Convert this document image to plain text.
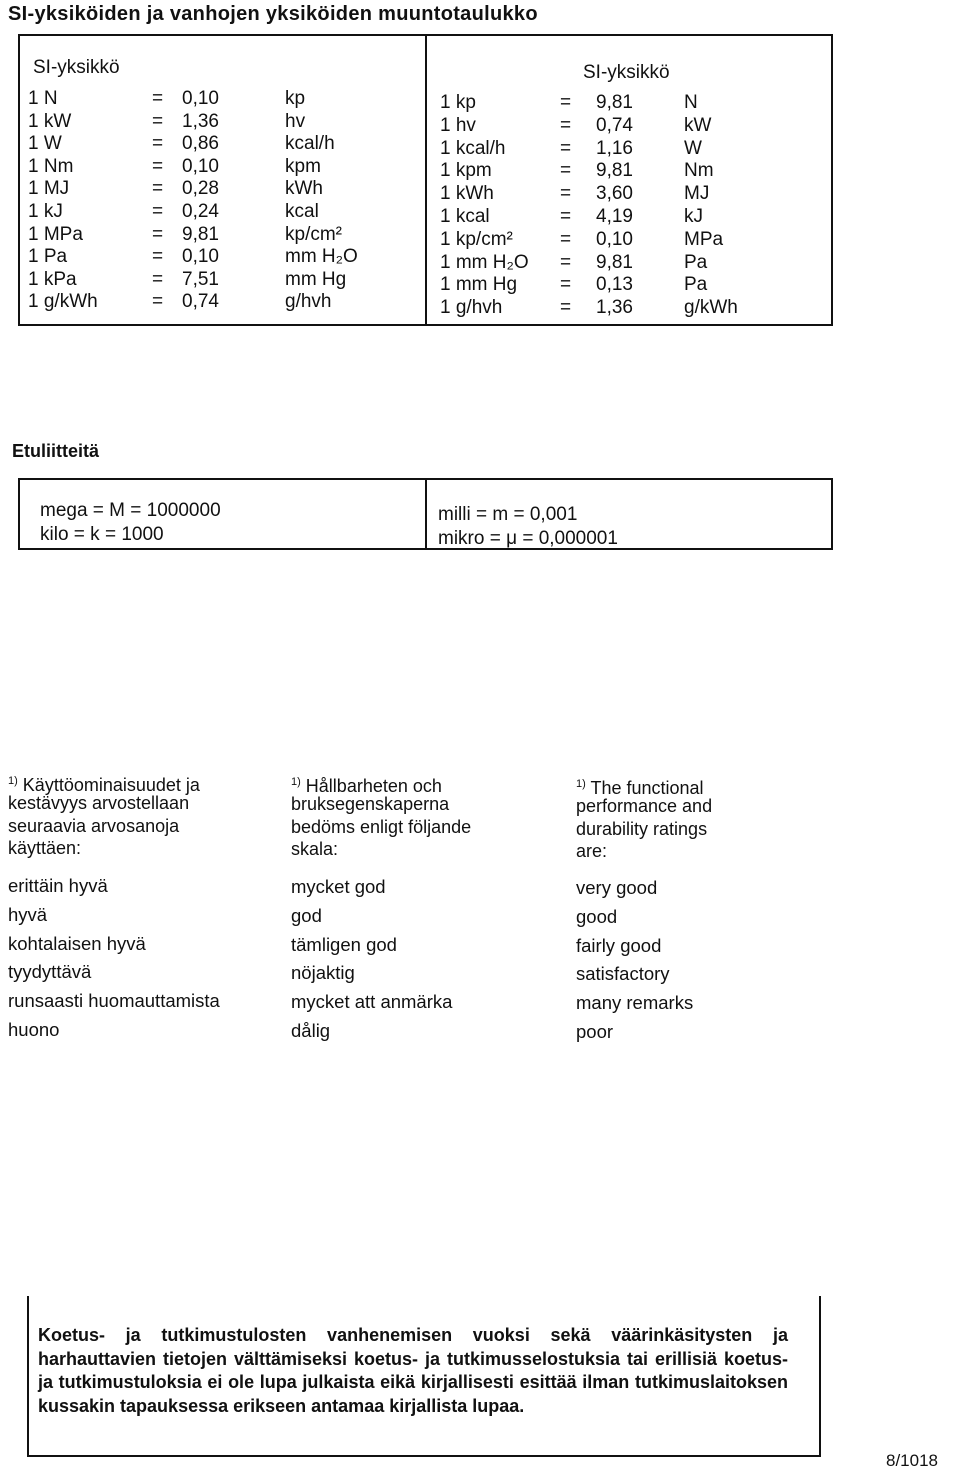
SI-yksiköiden ja vanhojen yksiköiden muuntotaulukko
SI-yksikkö	SI-yksikkö
1 N	= 0,10	kp
1 kW	= 1,36	hv
1 W	= 0,86	kcal/h
1 Nm	= 0,10	kpm
1 MJ	= 0,28	kWh
1 kJ	= 0,24	kcal
1 MPa	= 9,81	kp/cm²
1 Pa	= 0,10	mm H₂O
1 kPa	= 7,51	mm Hg
1 g/kWh	= 0,74	g/hvh
1 kp	= 9,81	N
1 hv	= 0,74	kW
1 kcal/h	= 1,16	W
1 kpm	= 9,81	Nm
1 kWh	= 3,60	MJ
1 kcal	= 4,19	kJ
1 kp/cm² = 0,10	MPa
1 mm H₂O = 9,81	Pa
1 mm Hg = 0,13	Pa
1 g/hvh	= 1,36	g/kWh
Etuliitteitä
mega = M = 1000000
kilo = k = 1000
milli = m = 0,001
mikro = μ = 0,000001
$^{1)}$ Käyttöominaisuudet ja
kestävyys arvostellaan
seuraavia arvosanoja
käyttäen:
erittäin hyvä
hyvä
kohtalaisen hyvä
tyydyttävä
runsaasti huomauttamista
huono
$^{1)}$ Hållbarheten och
bruksegenskaperna
bedöms enligt följande
skala:
mycket god
god
tämligen god
nöjaktig
mycket att anmärka
dålig
$^{1)}$ The functional
performance and
durability ratings
are:
very good
good
fairly good
satisfactory
many remarks
poor
Koetus- ja tutkimustulosten vanhenemisen vuoksi sekä väärinkäsitysten ja harhauttavien tietojen välttämiseksi koetus- ja tutkimusselostuksia tai erillisiä koetus- ja tutkimustuloksia ei ole lupa julkaista eikä kirjallisesti esittää ilman tutkimuslaitoksen kussakin tapauksessa erikseen antamaa kirjallista lupaa.
8/1018
